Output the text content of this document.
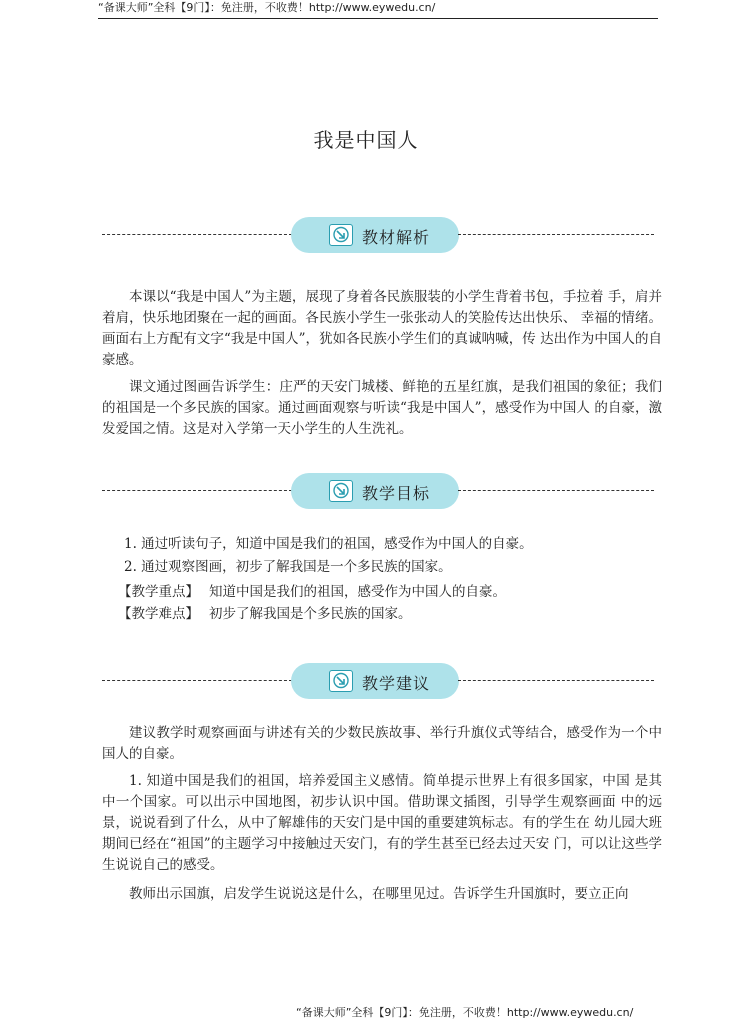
“备课大师”全科【9门】：免注册，不收费！http://www.eywedu.cn/
我是中国人
教材解析
本课以“我是中国人”为主题，展现了身着各民族服装的小学生背着书包，手拉着 手，肩并着肩，快乐地团聚在一起的画面。各民族小学生一张张动人的笑脸传达出快乐、 幸福的情绪。画面右上方配有文字“我是中国人”，犹如各民族小学生们的真诚呐喊，传 达出作为中国人的自豪感。
课文通过图画告诉学生：庄严的天安门城楼、鲜艳的五星红旗，是我们祖国的象征；我们的祖国是一个多民族的国家。通过画面观察与听读“我是中国人”，感受作为中国人 的自豪，激发爱国之情。这是对入学第一天小学生的人生洗礼。
教学目标
1. 通过听读句子，知道中国是我们的祖国，感受作为中国人的自豪。
2. 通过观察图画，初步了解我国是一个多民族的国家。
【教学重点】 知道中国是我们的祖国，感受作为中国人的自豪。
【教学难点】 初步了解我国是个多民族的国家。
教学建议
建议教学时观察画面与讲述有关的少数民族故事、举行升旗仪式等结合，感受作为一个中国人的自豪。
1. 知道中国是我们的祖国，培养爱国主义感情。简单提示世界上有很多国家，中国 是其中一个国家。可以出示中国地图，初步认识中国。借助课文插图，引导学生观察画面 中的远景，说说看到了什么，从中了解雄伟的天安门是中国的重要建筑标志。有的学生在 幼儿园大班期间已经在“祖国”的主题学习中接触过天安门，有的学生甚至已经去过天安 门，可以让这些学生说说自己的感受。
教师出示国旗，启发学生说说这是什么，在哪里见过。告诉学生升国旗时，要立正向
“备课大师”全科【9门】：免注册，不收费！http://www.eywedu.cn/
